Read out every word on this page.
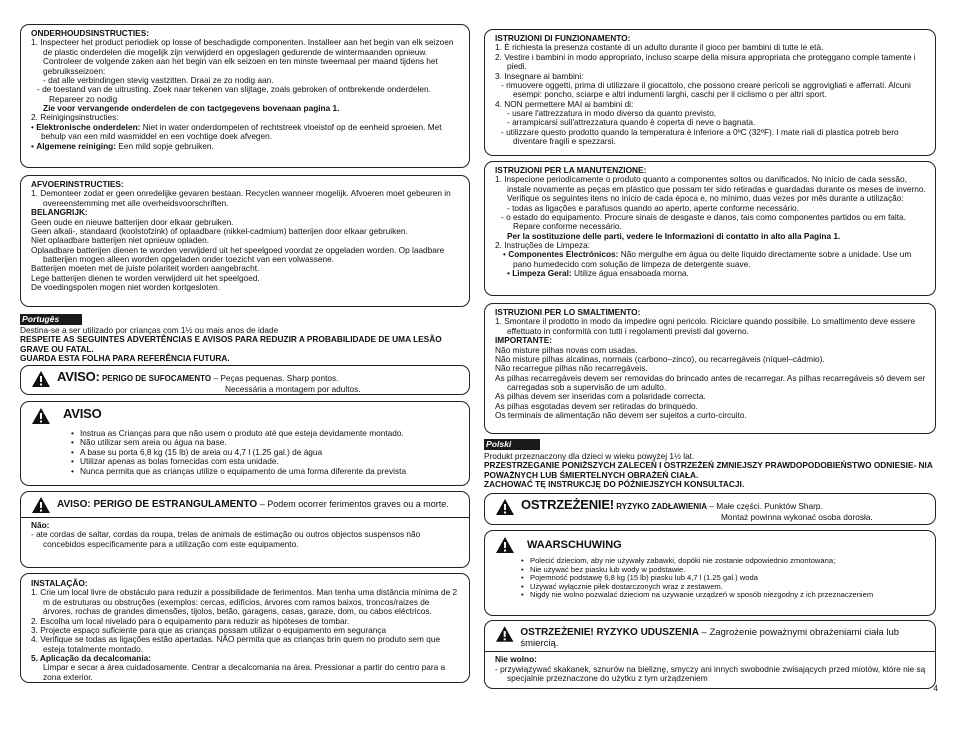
ONDERHOUDSINSTRUCTIES:

1. Inspecteer het product periodiek op losse of beschadigde componenten. Installeer aan het begin van elk seizoen de plastic onderdelen die mogelijk zijn verwijderd en opgeslagen gedurende de wintermaanden opnieuw. Controleer de volgende zaken aan het begin van elk seizoen en ten minste tweemaal per maand tijdens het gebruiksseizoen:

- dat alle verbindingen stevig vastzitten. Draai ze zo nodig aan.

- de toestand van de uitrusting. Zoek naar tekenen van slijtage, zoals gebroken of ontbrekende onderdelen. Repareer zo nodig

Zie voor vervangende onderdelen de con tactgegevens bovenaan pagina 1.

2. Reinigingsinstructies:

• Elektronische onderdelen: Niet in water onderdompelen of rechtstreek vloeistof op de eenheid sproeien. Met behulp van een mild wasmiddel en een vochtige doek afvegen.

• Algemene reiniging: Een mild sopje gebruiken.

AFVOERINSTRUCTIES:

1. Demonteer zodat er geen onredelijke gevaren bestaan. Recyclen wanneer mogelijk. Afvoeren moet gebeuren in overeenstemming met alle overheidsvoorschriften.

BELANGRIJK:

Geen oude en nieuwe batterijen door elkaar gebruiken.

Geen alkali-, standaard (koolstofzink) of oplaadbare (nikkel-cadmium) batterijen door elkaar gebruiken.

Niet oplaadbare batterijen niet opnieuw opladen.

Oplaadbare batterijen dienen te worden verwijderd uit het speelgoed voordat ze opgeladen worden. Op laadbare batterijen mogen alleen worden opgeladen onder toezicht van een volwassene.

Batterijen moeten met de juiste polariteit worden aangebracht.

Lege batterijen dienen te worden verwijderd uit het speelgoed.

De voedingspolen mogen niet worden kortgesloten.

Portugês

Destina-se a ser utilizado por crianças com 1½ ou mais anos de idade

RESPEITE AS SEGUINTES ADVERTÊNCIAS E AVISOS PARA REDUZIR A PROBABILIDADE DE UMA LESÃO GRAVE OU FATAL.

GUARDA ESTA FOLHA PARA REFERÊNCIA FUTURA.

AVISO: PERIGO DE SUFOCAMENTO – Peças pequenas. Sharp pontos.
Necessária a montagem por adultos.
AVISO
• Instrua as Crianças para que não usem o produto até que esteja devidamente montado.
• Não utilizar sem areia ou água na base.
• A base su porta 6,8 kg (15 lb) de areia ou 4,7 l (1.25 gal.) de água
• Utilizar apenas as bolas fornecidas com esta unidade.
• Nunca permita que as crianças utilize o equipamento de uma forma diferente da prevista
AVISO: PERIGO DE ESTRANGULAMENTO – Podem ocorrer ferimentos graves ou a morte.

Não:

- ate cordas de saltar, cordas da roupa, trelas de animais de estimação ou outros objectos suspensos não concebidos especificamente para a utilização com este equipamento.

INSTALAÇÃO:

1. Crie um local livre de obstáculo para reduzir a possibilidade de ferimentos. Man tenha uma distância mínima de 2 m de estruturas ou obstruções (exemplos: cercas, edifícios, árvores com ramos baixos, troncos/raizes de árvores, rochas de grandes dimensões, tijolos, betão, garagens, casas, garaze, dom, ou cabos eléctricos.

2. Escolha um local nivelado para o equipamento para reduzir as hipóteses de tombar.

3. Projecte espaço suficiente para que as crianças possam utilizar o equipamento em segurança

4. Verifique se todas as ligações estão apertadas. NÃO permita que as crianças brin quem no produto sem que esteja totalmente montado.

5. Aplicação da decalcomania:

Limpar e secar a área cuidadosamente. Centrar a decalcomania na área. Pressionar a partir do centro para a zona exterior.

ISTRUZIONI DI FUNZIONAMENTO:

1. È richiesta la presenza costante di un adulto durante il gioco per bambini di tutte le età.

2. Vestire i bambini in modo appropriato, incluso scarpe della misura appropriata che proteggano comple tamente i piedi.

3. Insegnare ai bambini:

- rimuovere oggetti, prima di utilizzare il giocattolo, che possono creare pericoli se aggrovigliati e afferrati. Alcuni esempi: poncho, sciarpe e altri indumenti larghi, caschi per il ciclismo o per altri sport.

4. NON permettere MAI ai bambini di:

- usare l'attrezzatura in modo diverso da quanto previsto,

- arrampicarsi sull'attrezzatura quando è coperta di neve o bagnata.

- utilizzare questo prodotto quando la temperatura è inferiore a 0ºC (32ºF). I mate riali di plastica potreb bero diventare fragili e spezzarsi.

ISTRUZIONI PER LA MANUTENZIONE:

1. Inspecione periodicamente o produto quanto a componentes soltos ou danificados. No início de cada sessão, instale novamente as peças em plástico que possam ter sido retiradas e guardadas durante os meses de inverno. Verifique os seguintes itens no início de cada época e, no mínimo, duas vezes por mês durante a utilização:

- todas as ligações e parafusos quando ao aperto, aperte conforme necessário.

- o estado do equipamento. Procure sinais de desgaste e danos, tais como componentes partidos ou em falta. Repare conforme necessário.

Per la sostituzione delle parti, vedere le Informazioni di contatto in alto alla Pagina 1.

2. Instruções de Limpeza:

• Componentes Electrónicos: Não mergulhe em água ou deite líquido directamente sobre a unidade. Use um pano humedecido com solução de limpeza de detergente suave.

• Limpeza Geral: Utilize água ensaboada morna.

ISTRUZIONI PER LO SMALTIMENTO:

1. Smontare il prodotto in modo da impedire ogni pericolo. Riciclare quando possibile. Lo smaltimento deve essere effettuato in conformità con tutti i regolamenti previsti dal governo.

IMPORTANTE:

Não misture pilhas novas com usadas.

Não misture pilhas alcalinas, normais (carbono–zinco), ou recarregáveis (níquel–cádmio).

Não recarregue pilhas não recarregáveis.

As pilhas recarregáveis devem ser removidas do brincado antes de recarregar. As pilhas recarregáveis só devem ser carregadas sob a supervisão de um adulto.

As pilhas devem ser inseridas com a polaridade correcta.

As pilhas esgotadas devem ser retiradas do brinquedo.

Os terminais de alimentação não devem ser sujeitos a curto-circuito.

Polski

Produkt przeznaczony dla dzieci w wieku powyżej 1½ lat.

PRZESTRZEGANIE PONIŻSZYCH ZALECEŃ I OSTRZEŻEŃ ZMNIEJSZY PRAWDOPODOBIEŃSTWO ODNIESIE- NIA POWAŻNYCH LUB ŚMIERTELNYCH OBRAŻEŃ CIAŁA.

ZACHOWAĆ TĘ INSTRUKCJĘ DO PÓŹNIEJSZYCH KONSULTACJI.

OSTRZEŻENIE! RYZYKO ZADŁAWIENIA – Małe części. Punktów Sharp.
Montaż powinna wykonać osoba dorosła.
WAARSCHUWING
• Polecić dzieciom, aby nie używały zabawki, dopóki nie zostanie odpowiednio zmontowana;
• Nie używać bez piasku lub wody w podstawie.
• Pojemność podstawę 6,8 kg (15 lb) piasku lub 4,7 l (1.25 gal.) woda
• Używać wyłącznie piłek dostarczonych wraz z zestawem.
• Nigdy nie wolno pozwalać dzieciom na używanie urządzeń w sposób niezgodny z ich przeznaczeniem
OSTRZEŻENIE! RYZYKO UDUSZENIA – Zagrożenie poważnymi obrażeniami ciała lub śmiercią.

Nie wolno:

- przywiązywać skakanek, sznurów na bieliznę, smyczy ani innych swobodnie zwisających przed miotów, które nie są specjalnie przeznaczone do użytku z tym urządzeniem

4
